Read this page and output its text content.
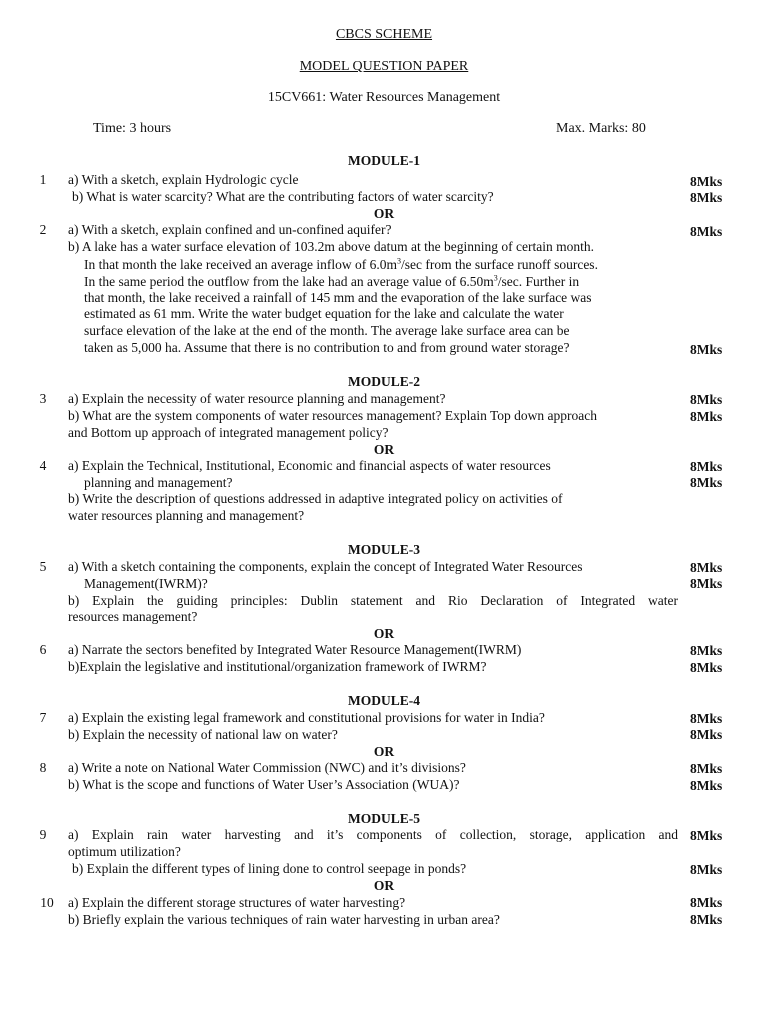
CBCS SCHEME
MODEL QUESTION PAPER
15CV661: Water Resources Management
Time: 3 hours	Max. Marks: 80
MODULE-1
1	a) With a sketch, explain Hydrologic cycle	8Mks
b) What is water scarcity? What are the contributing factors of water scarcity?	8Mks
OR
2	a) With a sketch, explain confined and un-confined aquifer?	8Mks
b) A lake has a water surface elevation of 103.2m above datum at the beginning of certain month.
In that month the lake received an average inflow of $6.0m^3/\sec$ from the surface runoff sources.
In the same period the outflow from the lake had an average value of $6.50m^3/\sec$. Further in
that month, the lake received a rainfall of 145 mm and the evaporation of the lake surface was
estimated as 61 mm. Write the water budget equation for the lake and calculate the water
surface elevation of the lake at the end of the month. The average lake surface area can be
taken as 5,000 ha. Assume that there is no contribution to and from ground water storage?	8Mks
MODULE-2
3	a) Explain the necessity of water resource planning and management?	8Mks
b) What are the system components of water resources management? Explain Top down approach	8Mks
and Bottom up approach of integrated management policy?
OR
4	a) Explain the Technical, Institutional, Economic and financial aspects of water resources	8Mks
planning and management?	8Mks
b) Write the description of questions addressed in adaptive integrated policy on activities of
water resources planning and management?
MODULE-3
5	a) With a sketch containing the components, explain the concept of Integrated Water Resources	8Mks
Management(IWRM)?	8Mks
b) Explain the guiding principles: Dublin statement and Rio Declaration of Integrated water
resources management?
OR
6	a) Narrate the sectors benefited by Integrated Water Resource Management(IWRM)	8Mks
b)Explain the legislative and institutional/organization framework of IWRM?	8Mks
MODULE-4
7	a) Explain the existing legal framework and constitutional provisions for water in India?	8Mks
b) Explain the necessity of national law on water?	8Mks
OR
8	a) Write a note on National Water Commission (NWC) and it’s divisions?	8Mks
b) What is the scope and functions of Water User’s Association (WUA)?	8Mks
MODULE-5
9	a) Explain rain water harvesting and it’s components of collection, storage, application and 8Mks
optimum utilization?
b) Explain the different types of lining done to control seepage in ponds?	8Mks
OR
10	a) Explain the different storage structures of water harvesting?	8Mks
b) Briefly explain the various techniques of rain water harvesting in urban area?	8Mks
